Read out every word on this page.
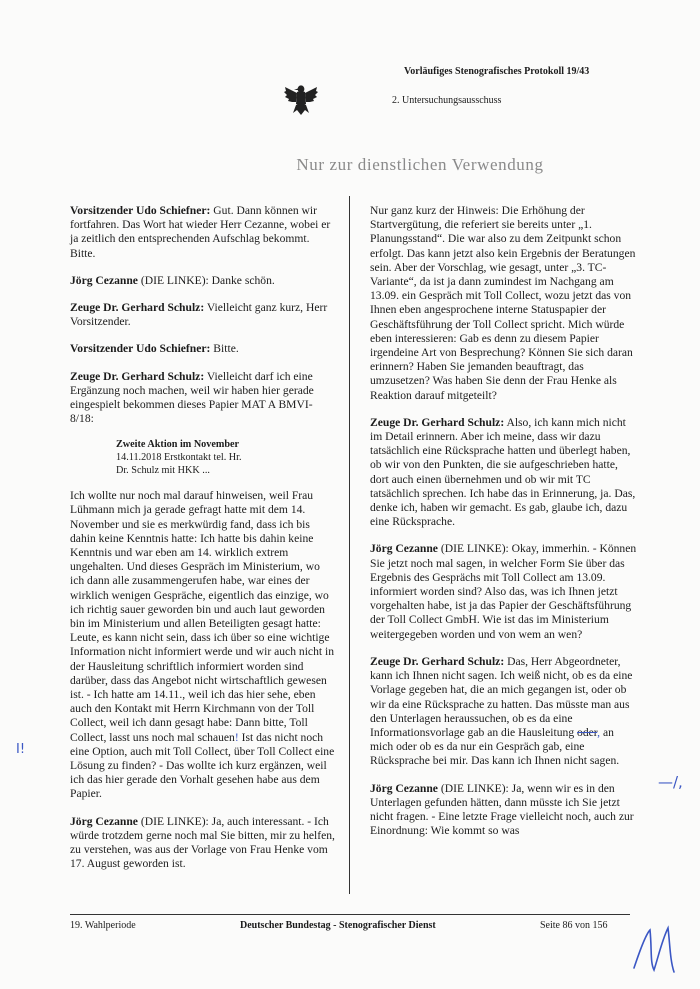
Vorläufiges Stenografisches Protokoll 19/43
2. Untersuchungsausschuss
Nur zur dienstlichen Verwendung

Vorsitzender Udo Schiefner: Gut. Dann können wir fortfahren. Das Wort hat wieder Herr Cezanne, wobei er ja zeitlich den entsprechenden Aufschlag bekommt. Bitte.

Jörg Cezanne (DIE LINKE): Danke schön.

Zeuge Dr. Gerhard Schulz: Vielleicht ganz kurz, Herr Vorsitzender.

Vorsitzender Udo Schiefner: Bitte.

Zeuge Dr. Gerhard Schulz: Vielleicht darf ich eine Ergänzung noch machen, weil wir haben hier gerade eingespielt bekommen dieses Papier MAT A BMVI-8/18:

Zweite Aktion im November
14.11.2018 Erstkontakt tel. Hr.
Dr. Schulz mit HKK ...

Ich wollte nur noch mal darauf hinweisen, weil Frau Lühmann mich ja gerade gefragt hatte mit dem 14. November und sie es merkwürdig fand, dass ich bis dahin keine Kenntnis hatte: Ich hatte bis dahin keine Kenntnis und war eben am 14. wirklich extrem ungehalten. Und dieses Gespräch im Ministerium, wo ich dann alle zusammengerufen habe, war eines der wirklich wenigen Gespräche, eigentlich das einzige, wo ich richtig sauer geworden bin und auch laut geworden bin im Ministerium und allen Beteiligten gesagt hatte: Leute, es kann nicht sein, dass ich über so eine wichtige Information nicht informiert werde und wir auch nicht in der Hausleitung schriftlich informiert worden sind darüber, dass das Angebot nicht wirtschaftlich gewesen ist. - Ich hatte am 14.11., weil ich das hier sehe, eben auch den Kontakt mit Herrn Kirchmann von der Toll Collect, weil ich dann gesagt habe: Dann bitte, Toll Collect, lasst uns noch mal schauen! Ist das nicht noch eine Option, auch mit Toll Collect, über Toll Collect eine Lösung zu finden? - Das wollte ich kurz ergänzen, weil ich das hier gerade den Vorhalt gesehen habe aus dem Papier.

Jörg Cezanne (DIE LINKE): Ja, auch interessant. - Ich würde trotzdem gerne noch mal Sie bitten, mir zu helfen, zu verstehen, was aus der Vorlage von Frau Henke vom 17. August geworden ist.

Nur ganz kurz der Hinweis: Die Erhöhung der Startvergütung, die referiert sie bereits unter „1. Planungsstand“. Die war also zu dem Zeitpunkt schon erfolgt. Das kann jetzt also kein Ergebnis der Beratungen sein. Aber der Vorschlag, wie gesagt, unter „3. TC-Variante“, da ist ja dann zumindest im Nachgang am 13.09. ein Gespräch mit Toll Collect, wozu jetzt das von Ihnen eben angesprochene interne Statuspapier der Geschäftsführung der Toll Collect spricht. Mich würde eben interessieren: Gab es denn zu diesem Papier irgendeine Art von Besprechung? Können Sie sich daran erinnern? Haben Sie jemanden beauftragt, das umzusetzen? Was haben Sie denn der Frau Henke als Reaktion darauf mitgeteilt?

Zeuge Dr. Gerhard Schulz: Also, ich kann mich nicht im Detail erinnern. Aber ich meine, dass wir dazu tatsächlich eine Rücksprache hatten und überlegt haben, ob wir von den Punkten, die sie aufgeschrieben hatte, dort auch einen übernehmen und ob wir mit TC tatsächlich sprechen. Ich habe das in Erinnerung, ja. Das, denke ich, haben wir gemacht. Es gab, glaube ich, dazu eine Rücksprache.

Jörg Cezanne (DIE LINKE): Okay, immerhin. - Können Sie jetzt noch mal sagen, in welcher Form Sie über das Ergebnis des Gesprächs mit Toll Collect am 13.09. informiert worden sind? Also das, was ich Ihnen jetzt vorgehalten habe, ist ja das Papier der Geschäftsführung der Toll Collect GmbH. Wie ist das im Ministerium weitergegeben worden und von wem an wen?

Zeuge Dr. Gerhard Schulz: Das, Herr Abgeordneter, kann ich Ihnen nicht sagen. Ich weiß nicht, ob es da eine Vorlage gegeben hat, die an mich gegangen ist, oder ob wir da eine Rücksprache zu hatten. Das müsste man aus den Unterlagen heraussuchen, ob es da eine Informationsvorlage gab an die Hausleitung oder, an mich oder ob es da nur ein Gespräch gab, eine Rücksprache bei mir. Das kann ich Ihnen nicht sagen.

Jörg Cezanne (DIE LINKE): Ja, wenn wir es in den Unterlagen gefunden hätten, dann müsste ich Sie jetzt nicht fragen. - Eine letzte Frage vielleicht noch, auch zur Einordnung: Wie kommt so was

I!
—/,
19. Wahlperiode	Deutscher Bundestag - Stenografischer Dienst	Seite 86 von 156
